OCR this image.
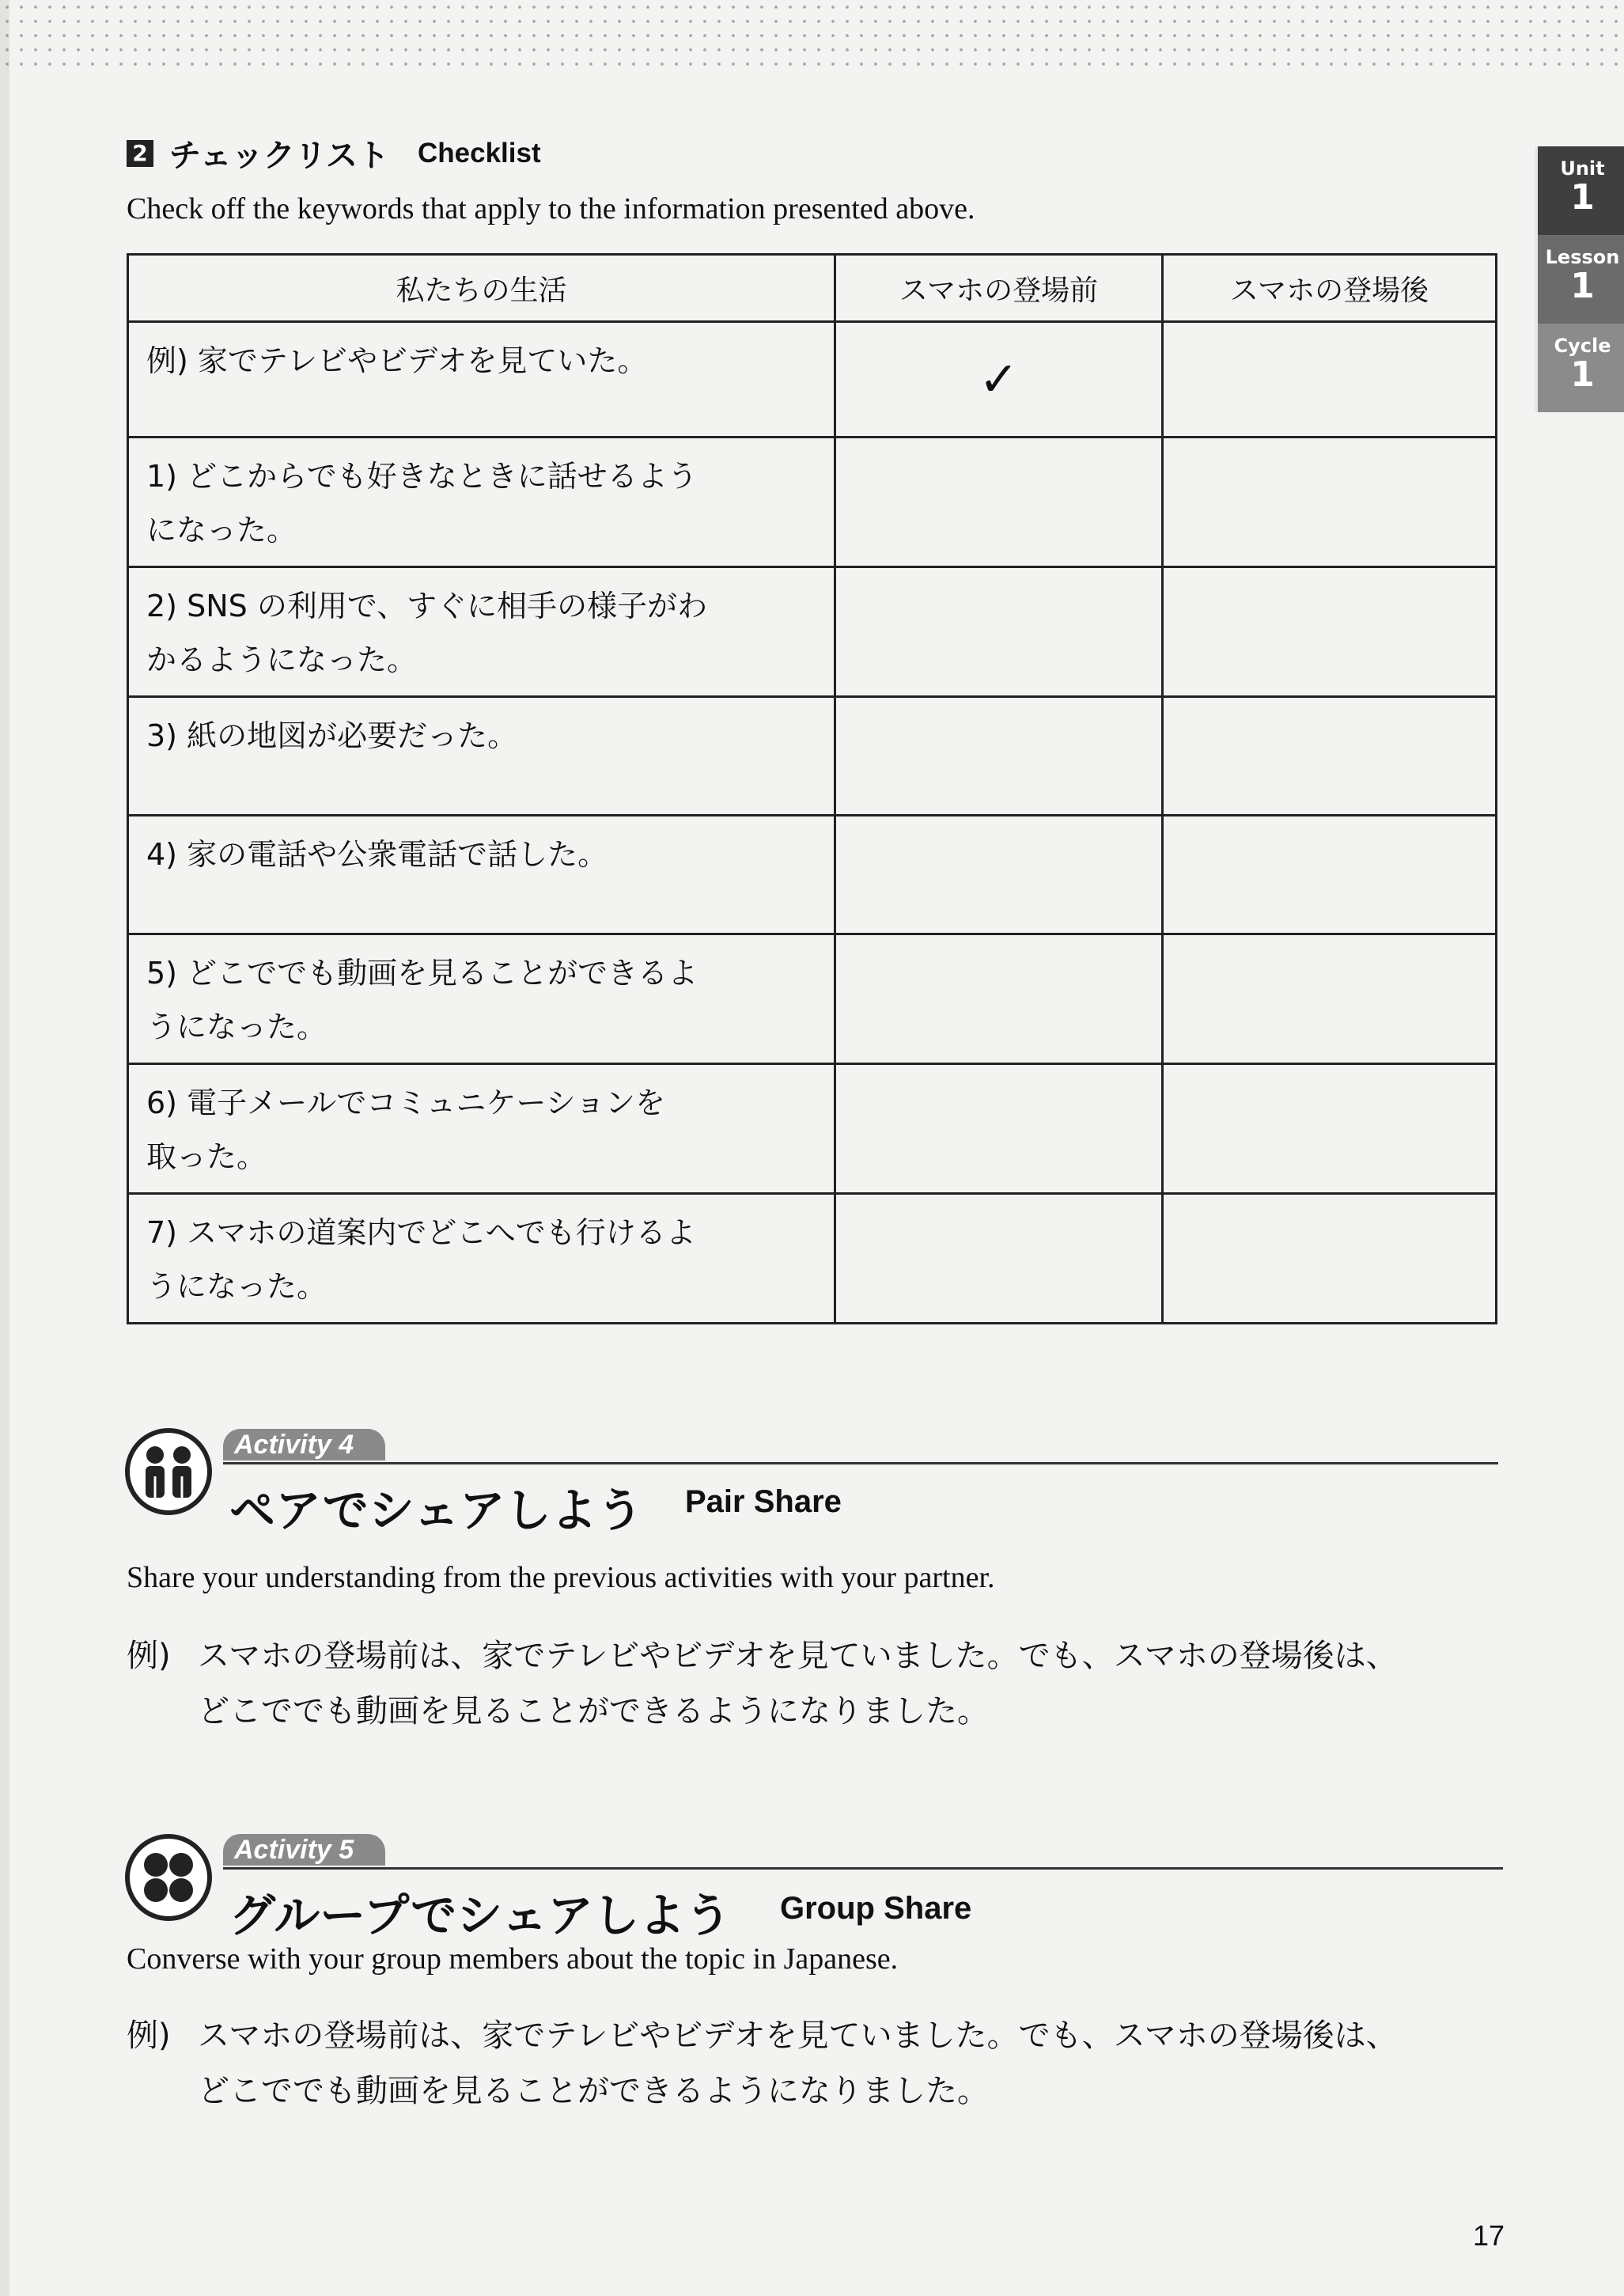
Unit
1
Lesson
1
Cycle
1
2 チェックリスト Checklist
Check off the keywords that apply to the information presented above.
私たちの生活	スマホの登場前	スマホの登場後

例) 家でテレビやビデオを見ていた。	✓	

1) どこからでも好きなときに話せるよう
になった。		

2) SNS の利用で、すぐに相手の様子がわ
かるようになった。		

3) 紙の地図が必要だった。		

4) 家の電話や公衆電話で話した。		

5) どこででも動画を見ることができるよ
うになった。		

6) 電子メールでコミュニケーションを
取った。		

7) スマホの道案内でどこへでも行けるよ
うになった。		

Activity 4
ペアでシェアしよう Pair Share
Share your understanding from the previous activities with your partner.
例) スマホの登場前は、家でテレビやビデオを見ていました。でも、スマホの登場後は、
どこででも動画を見ることができるようになりました。
Activity 5
グループでシェアしよう Group Share
Converse with your group members about the topic in Japanese.
例) スマホの登場前は、家でテレビやビデオを見ていました。でも、スマホの登場後は、
どこででも動画を見ることができるようになりました。
17
